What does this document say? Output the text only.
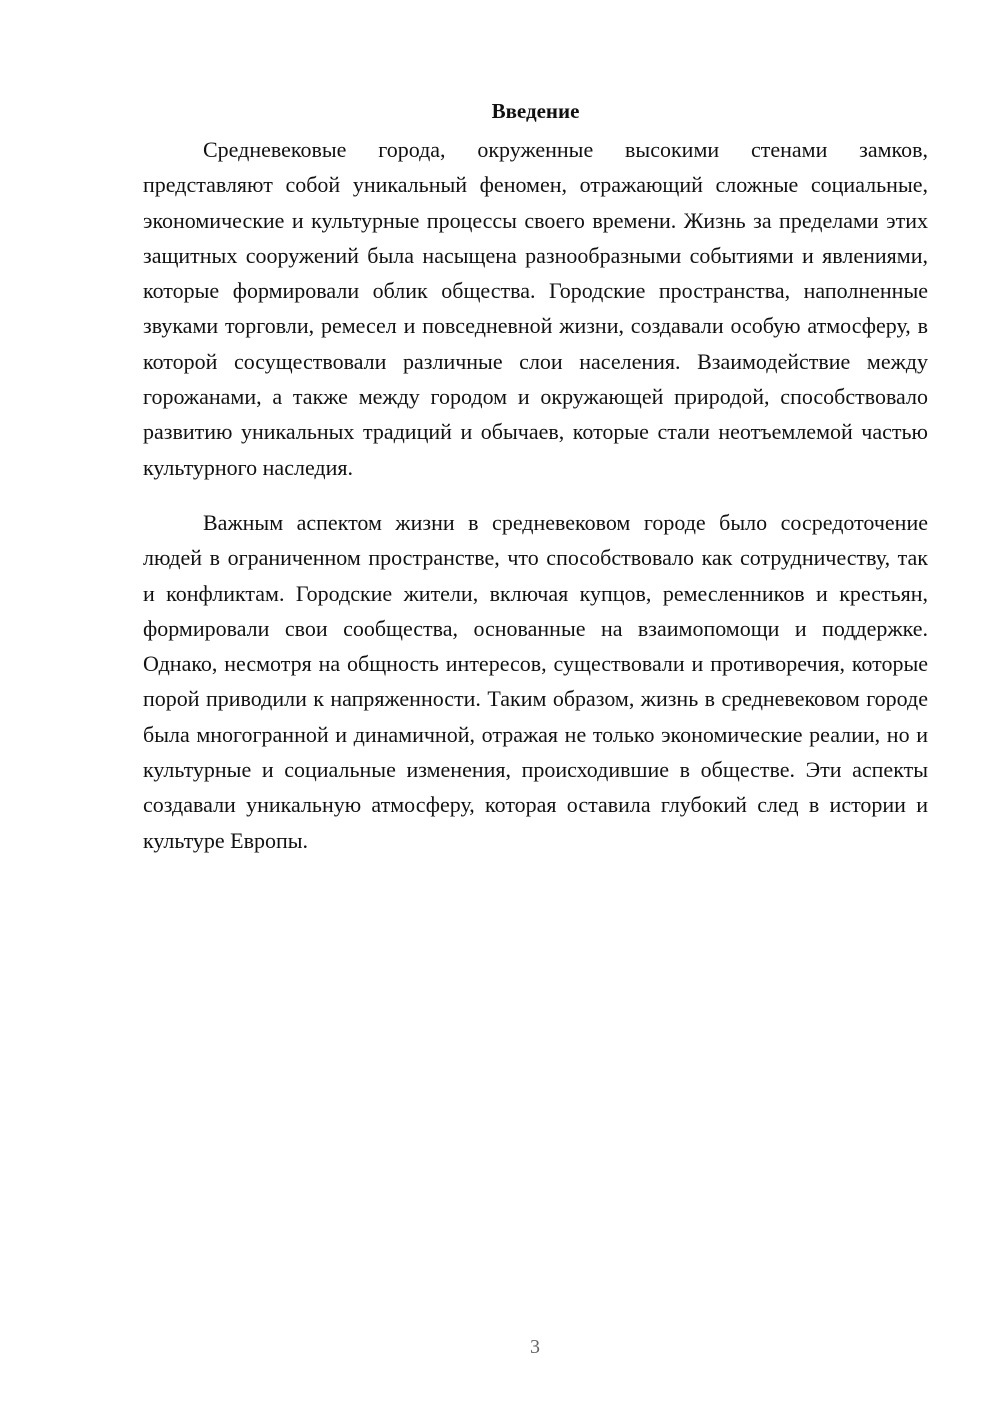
Введение

Средневековые города, окруженные высокими стенами замков, представляют собой уникальный феномен, отражающий сложные социальные, экономические и культурные процессы своего времени. Жизнь за пределами этих защитных сооружений была насыщена разнообразными событиями и явлениями, которые формировали облик общества. Городские пространства, наполненные звуками торговли, ремесел и повседневной жизни, создавали особую атмосферу, в которой сосуществовали различные слои населения. Взаимодействие между горожанами, а также между городом и окружающей природой, способствовало развитию уникальных традиций и обычаев, которые стали неотъемлемой частью культурного наследия.

Важным аспектом жизни в средневековом городе было сосредоточение людей в ограниченном пространстве, что способствовало как сотрудничеству, так и конфликтам. Городские жители, включая купцов, ремесленников и крестьян, формировали свои сообщества, основанные на взаимопомощи и поддержке. Однако, несмотря на общность интересов, существовали и противоречия, которые порой приводили к напряженности. Таким образом, жизнь в средневековом городе была многогранной и динамичной, отражая не только экономические реалии, но и культурные и социальные изменения, происходившие в обществе. Эти аспекты создавали уникальную атмосферу, которая оставила глубокий след в истории и культуре Европы.

3
